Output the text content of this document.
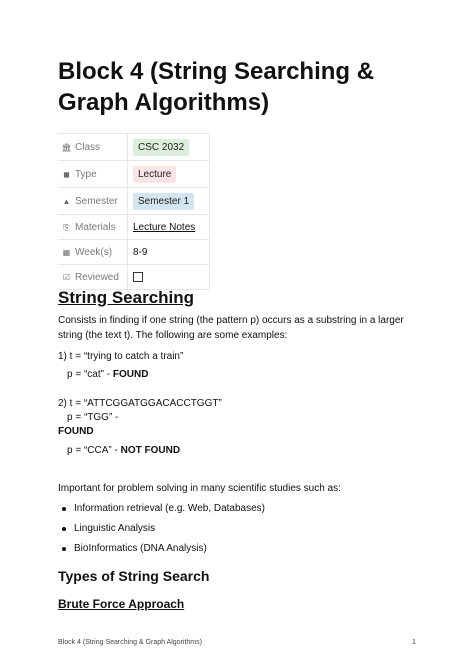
Block 4 (String Searching & Graph Algorithms)
🏛︎ Class	CSC 2032
◼ Type	Lecture
▲ Semester	Semester 1
⎘ Materials	Lecture Notes
▦ Week(s)	8-9
☑ Reviewed	
String Searching

Consists in finding if one string (the pattern p) occurs as a substring in a larger string (the text t). The following are some examples:

1) t = “trying to catch a train”

p = “cat” - FOUND

2) t = “ATTCGGATGGACACCTGGT”

p = “TGG” -

FOUND

p = “CCA” - NOT FOUND

Important for problem solving in many scientific studies such as:

Information retrieval (e.g. Web, Databases)

Linguistic Analysis

BioInformatics (DNA Analysis)

Types of String Search
Brute Force Approach

Block 4 (String Searching & Graph Algorithms)	1
